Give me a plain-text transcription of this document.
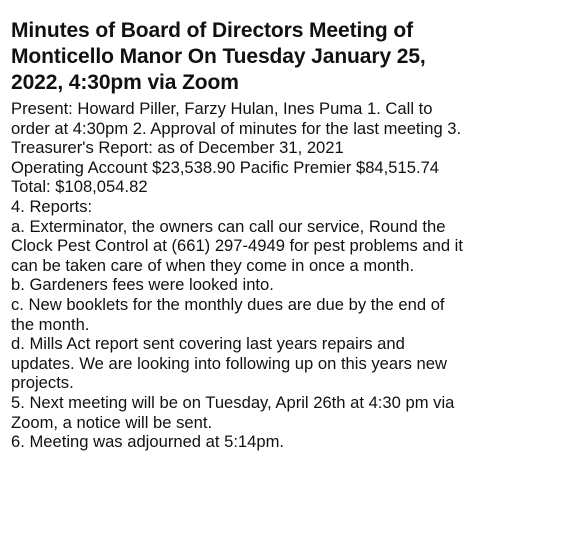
Minutes of Board of Directors Meeting of
Monticello Manor On Tuesday January 25,
2022, 4:30pm via Zoom
Present: Howard Piller, Farzy Hulan, Ines Puma 1. Call to
order at 4:30pm 2. Approval of minutes for the last meeting 3.
Treasurer's Report: as of December 31, 2021
Operating Account $23,538.90 Pacific Premier $84,515.74
Total: $108,054.82
4. Reports:
a. Exterminator, the owners can call our service, Round the
Clock Pest Control at (661) 297-4949 for pest problems and it
can be taken care of when they come in once a month.
b. Gardeners fees were looked into.
c. New booklets for the monthly dues are due by the end of
the month.
d. Mills Act report sent covering last years repairs and
updates. We are looking into following up on this years new
projects.
5. Next meeting will be on Tuesday, April 26th at 4:30 pm via
Zoom, a notice will be sent.
6. Meeting was adjourned at 5:14pm.
